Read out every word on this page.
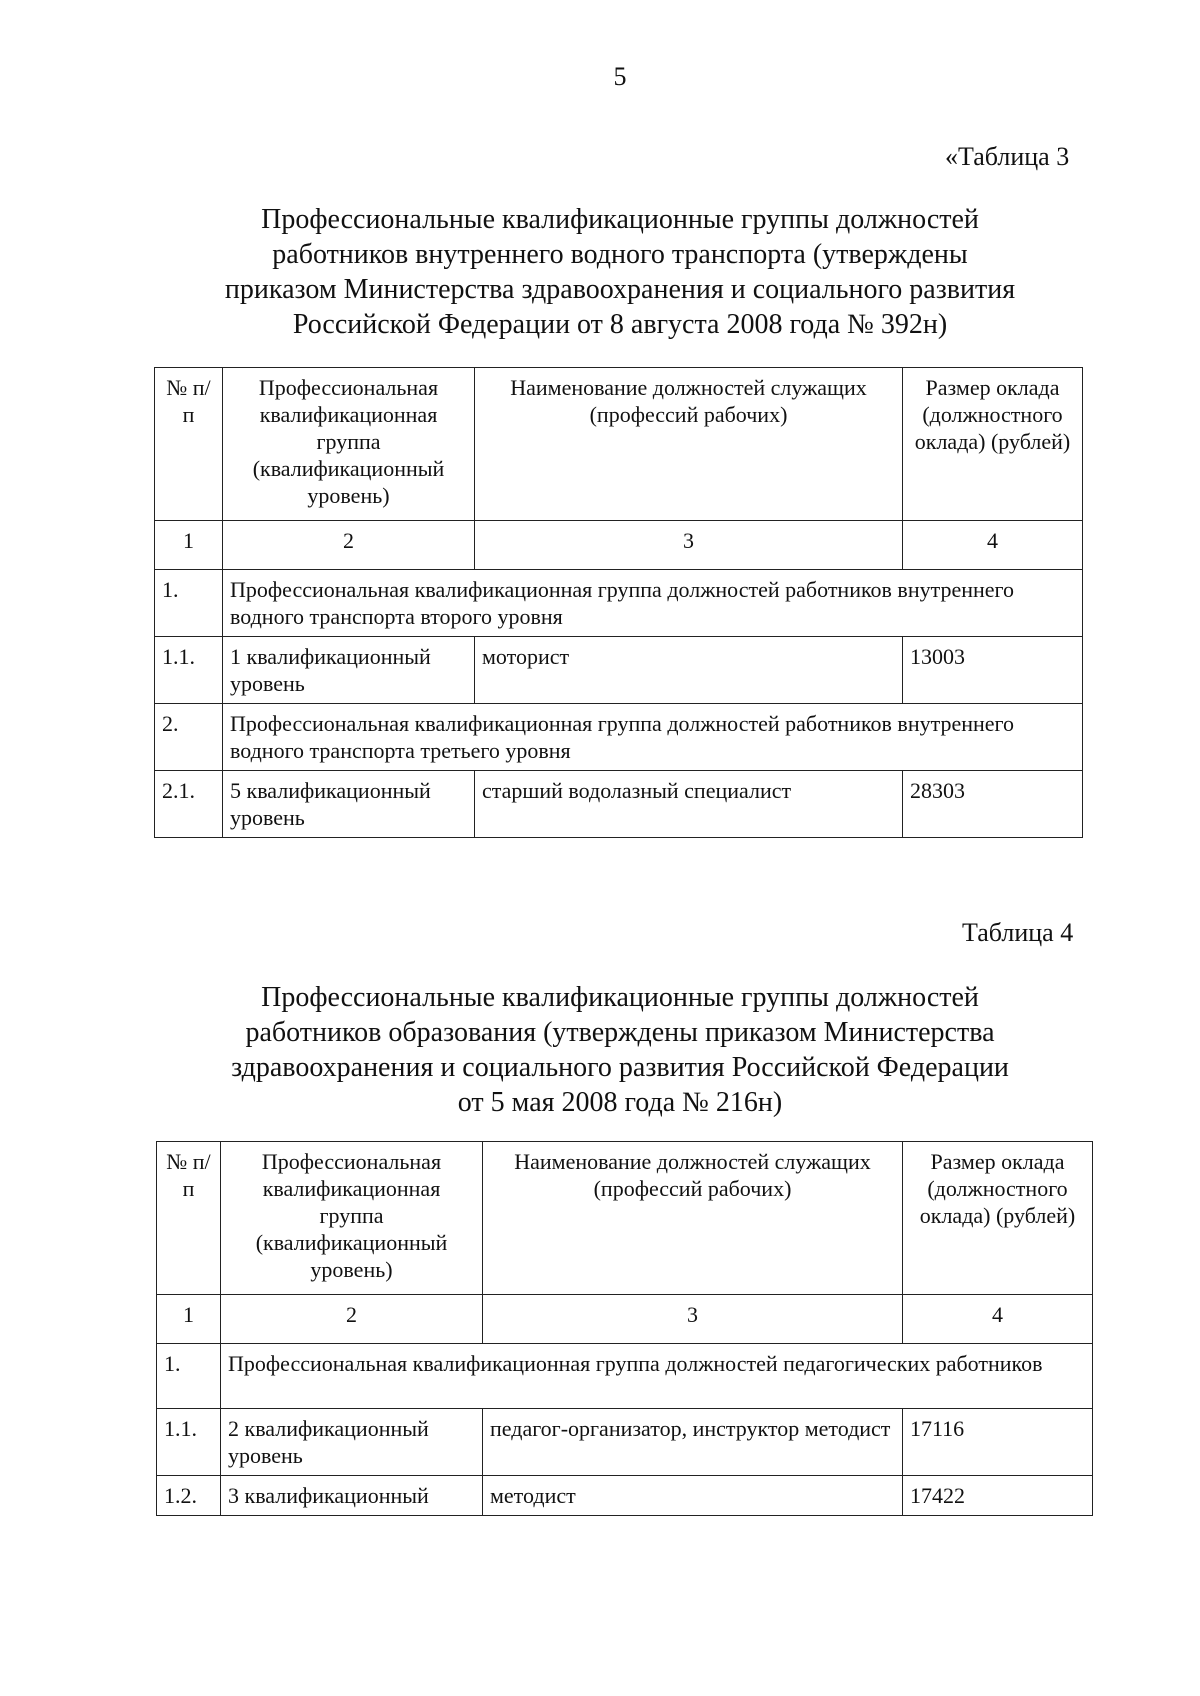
5
«Таблица 3
Профессиональные квалификационные группы должностей
работников внутреннего водного транспорта (утверждены
приказом Министерства здравоохранения и социального развития
Российской Федерации от 8 августа 2008 года № 392н)
№ п/п	Профессиональная квалификационная группа (квалификационный уровень)	Наименование должностей служащих (профессий рабочих)	Размер оклада (должностного оклада) (рублей)
1	2	3	4
1.	Профессиональная квалификационная группа должностей работников внутреннего водного транспорта второго уровня		
1.1.	1 квалификационный уровень	моторист	13003
2.	Профессиональная квалификационная группа должностей работников внутреннего водного транспорта третьего уровня		
2.1.	5 квалификационный уровень	старший водолазный специалист	28303
Таблица 4
Профессиональные квалификационные группы должностей
работников образования (утверждены приказом Министерства
здравоохранения и социального развития Российской Федерации
от 5 мая 2008 года № 216н)
№ п/п	Профессиональная квалификационная группа (квалификационный уровень)	Наименование должностей служащих (профессий рабочих)	Размер оклада (должностного оклада) (рублей)
1	2	3	4
1.	Профессиональная квалификационная группа должностей педагогических работников		
1.1.	2 квалификационный уровень	педагог-организатор, инструктор методист	17116
1.2.	3 квалификационный	методист	17422
